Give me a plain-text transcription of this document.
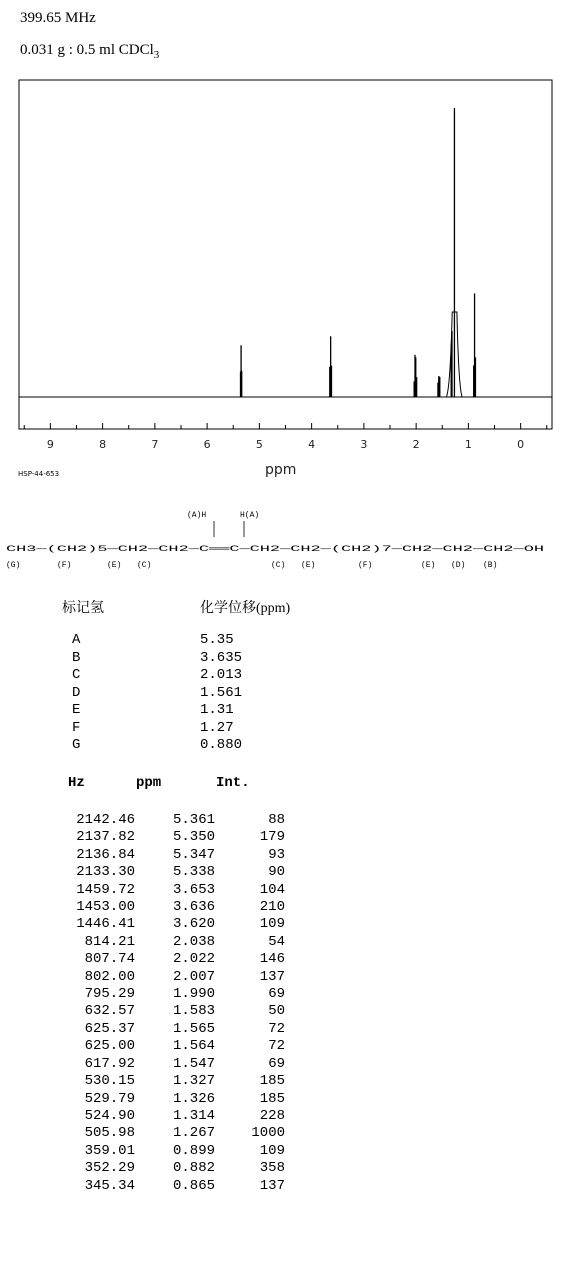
399.65 MHz
0.031 g : 0.5 ml CDCl$_3$
9	8	7	6	5	4	3	2	1	0
HSP-44-653	ppm
(A)H	H(A)
CH3—(CH2)5—CH2—CH2—C══C—CH2—CH2—(CH2)7—CH2—CH2—CH2—OH
(G)	(F)	(E) (C)	(C) (E)	(F)	(E) (D) (B)
标记氢	化学位移(ppm)
A	5.35
B	3.635
C	2.013
D	1.561
E	1.31
F	1.27
G	0.880
Hz	ppm	Int.
2142.46	5.361	88
2137.82	5.350	179
2136.84	5.347	93
2133.30	5.338	90
1459.72	3.653	104
1453.00	3.636	210
1446.41	3.620	109
814.21	2.038	54
807.74	2.022	146
802.00	2.007	137
795.29	1.990	69
632.57	1.583	50
625.37	1.565	72
625.00	1.564	72
617.92	1.547	69
530.15	1.327	185
529.79	1.326	185
524.90	1.314	228
505.98	1.267	1000
359.01	0.899	109
352.29	0.882	358
345.34	0.865	137
